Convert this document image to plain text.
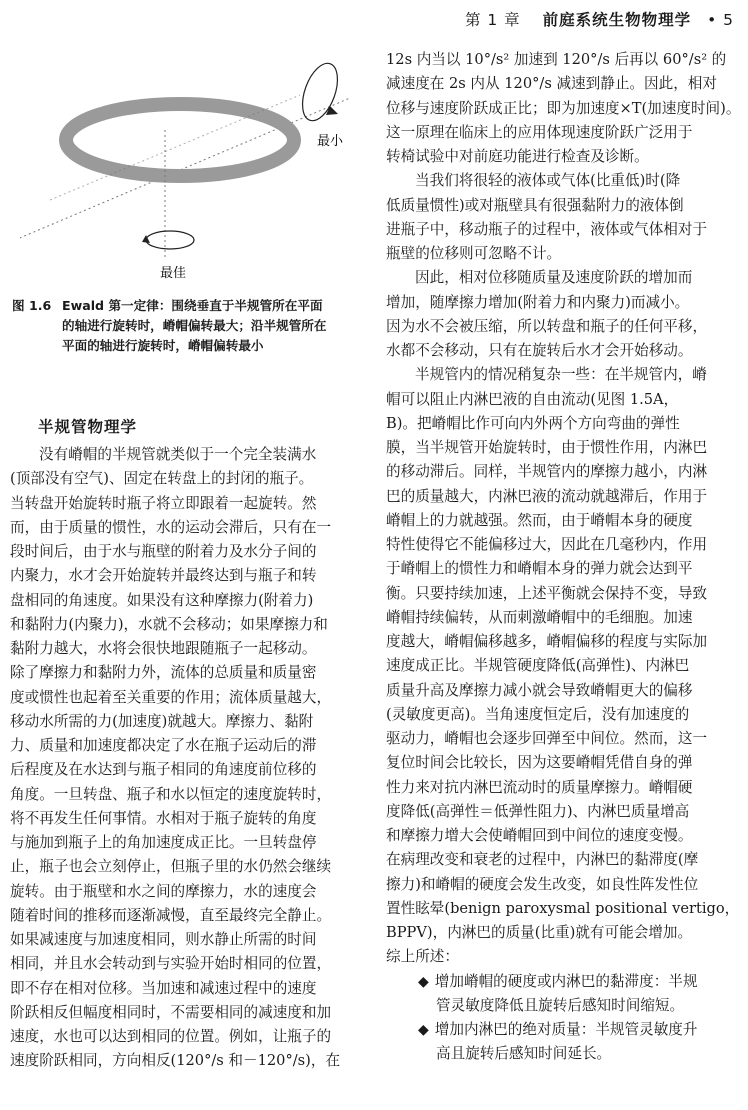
第 1 章 前庭系统生物物理学 • 5
最小
最佳
图 1.6 Ewald 第一定律：围绕垂直于半规管所在平面
的轴进行旋转时，嵴帽偏转最大；沿半规管所在
平面的轴进行旋转时，嵴帽偏转最小
半规管物理学
没有嵴帽的半规管就类似于一个完全装满水
(顶部没有空气)、固定在转盘上的封闭的瓶子。
当转盘开始旋转时瓶子将立即跟着一起旋转。然
而，由于质量的惯性，水的运动会滞后，只有在一
段时间后，由于水与瓶壁的附着力及水分子间的
内聚力，水才会开始旋转并最终达到与瓶子和转
盘相同的角速度。如果没有这种摩擦力(附着力)
和黏附力(内聚力)，水就不会移动；如果摩擦力和
黏附力越大，水将会很快地跟随瓶子一起移动。
除了摩擦力和黏附力外，流体的总质量和质量密
度或惯性也起着至关重要的作用；流体质量越大，
移动水所需的力(加速度)就越大。摩擦力、黏附
力、质量和加速度都决定了水在瓶子运动后的滞
后程度及在水达到与瓶子相同的角速度前位移的
角度。一旦转盘、瓶子和水以恒定的速度旋转时，
将不再发生任何事情。水相对于瓶子旋转的角度
与施加到瓶子上的角加速度成正比。一旦转盘停
止，瓶子也会立刻停止，但瓶子里的水仍然会继续
旋转。由于瓶壁和水之间的摩擦力，水的速度会
随着时间的推移而逐渐减慢，直至最终完全静止。
如果减速度与加速度相同，则水静止所需的时间
相同，并且水会转动到与实验开始时相同的位置，
即不存在相对位移。当加速和减速过程中的速度
阶跃相反但幅度相同时，不需要相同的减速度和加
速度，水也可以达到相同的位置。例如，让瓶子的
速度阶跃相同，方向相反(120°/s 和－120°/s)，在
12s 内当以 10°/s² 加速到 120°/s 后再以 60°/s² 的
减速度在 2s 内从 120°/s 减速到静止。因此，相对
位移与速度阶跃成正比；即为加速度×T(加速度时间)。
这一原理在临床上的应用体现速度阶跃广泛用于
转椅试验中对前庭功能进行检查及诊断。
当我们将很轻的液体或气体(比重低)时(降
低质量惯性)或对瓶壁具有很强黏附力的液体倒
进瓶子中，移动瓶子的过程中，液体或气体相对于
瓶壁的位移则可忽略不计。
因此，相对位移随质量及速度阶跃的增加而
增加，随摩擦力增加(附着力和内聚力)而减小。
因为水不会被压缩，所以转盘和瓶子的任何平移，
水都不会移动，只有在旋转后水才会开始移动。
半规管内的情况稍复杂一些：在半规管内，嵴
帽可以阻止内淋巴液的自由流动(见图 1.5A，
B)。把嵴帽比作可向内外两个方向弯曲的弹性
膜，当半规管开始旋转时，由于惯性作用，内淋巴
的移动滞后。同样，半规管内的摩擦力越小，内淋
巴的质量越大，内淋巴液的流动就越滞后，作用于
嵴帽上的力就越强。然而，由于嵴帽本身的硬度
特性使得它不能偏移过大，因此在几毫秒内，作用
于嵴帽上的惯性力和嵴帽本身的弹力就会达到平
衡。只要持续加速，上述平衡就会保持不变，导致
嵴帽持续偏转，从而刺激嵴帽中的毛细胞。加速
度越大，嵴帽偏移越多，嵴帽偏移的程度与实际加
速度成正比。半规管硬度降低(高弹性)、内淋巴
质量升高及摩擦力减小就会导致嵴帽更大的偏移
(灵敏度更高)。当角速度恒定后，没有加速度的
驱动力，嵴帽也会逐步回弹至中间位。然而，这一
复位时间会比较长，因为这要嵴帽凭借自身的弹
性力来对抗内淋巴流动时的质量摩擦力。嵴帽硬
度降低(高弹性＝低弹性阻力)、内淋巴质量增高
和摩擦力增大会使嵴帽回到中间位的速度变慢。
在病理改变和衰老的过程中，内淋巴的黏滞度(摩
擦力)和嵴帽的硬度会发生改变，如良性阵发性位
置性眩晕(benign paroxysmal positional vertigo，
BPPV)，内淋巴的质量(比重)就有可能会增加。
综上所述：
◆ 增加嵴帽的硬度或内淋巴的黏滞度：半规
管灵敏度降低且旋转后感知时间缩短。
◆ 增加内淋巴的绝对质量：半规管灵敏度升
高且旋转后感知时间延长。
